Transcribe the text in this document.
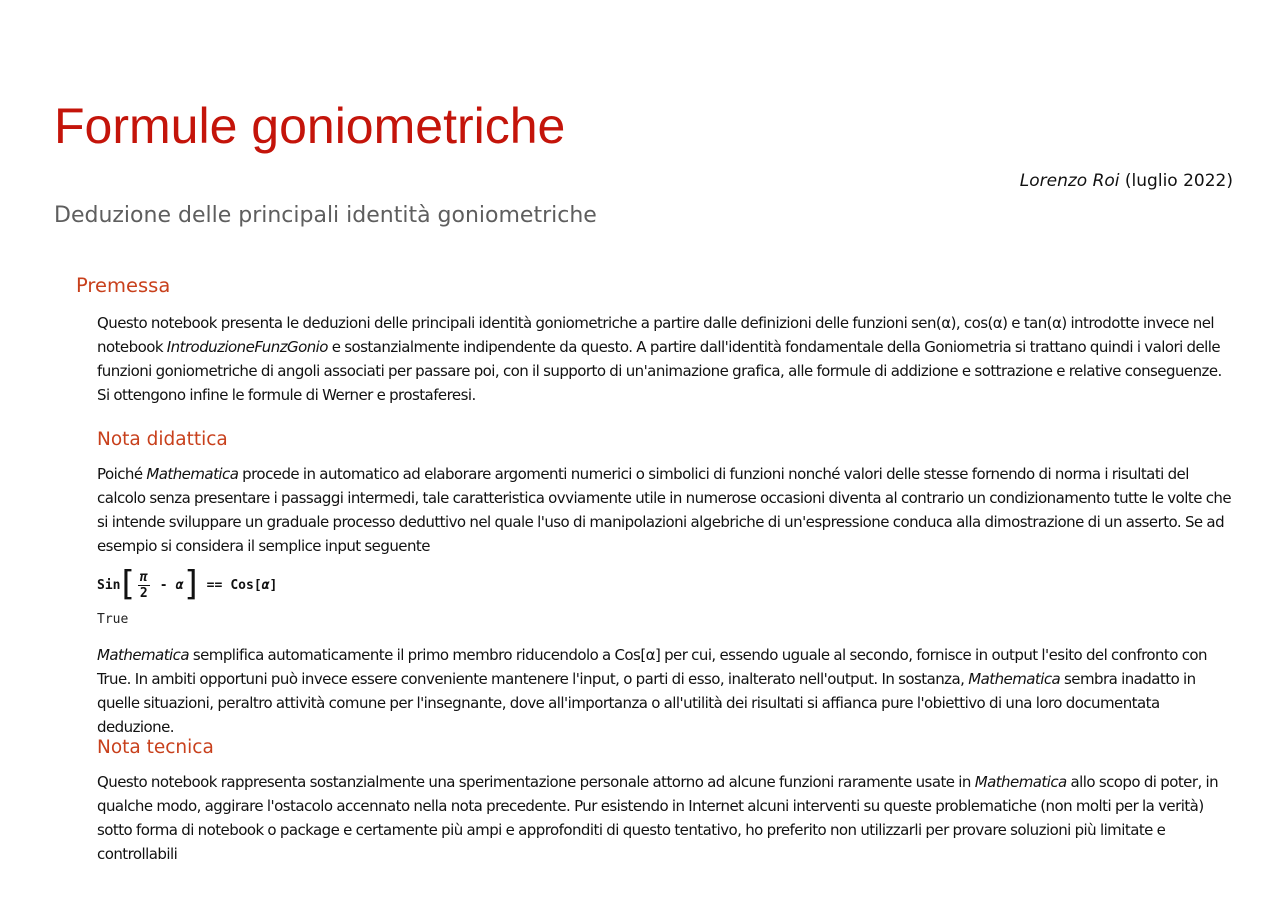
Formule goniometriche
Lorenzo Roi (luglio 2022)
Deduzione delle principali identità goniometriche
Premessa

Questo notebook presenta le deduzioni delle principali identità goniometriche a partire dalle definizioni delle funzioni sen(α), cos(α) e tan(α) introdotte invece nel notebook IntroduzioneFunzGonio e sostanzialmente indipendente da questo. A partire dall'identità fondamentale della Goniometria si trattano quindi i valori delle funzioni goniometriche di angoli associati per passare poi, con il supporto di un'animazione grafica, alle formule di addizione e sottrazione e relative conseguenze. Si ottengono infine le formule di Werner e prostaferesi.

Nota didattica

Poiché Mathematica procede in automatico ad elaborare argomenti numerici o simbolici di funzioni nonché valori delle stesse fornendo di norma i risultati del calcolo senza presentare i passaggi intermedi, tale caratteristica ovviamente utile in numerose occasioni diventa al contrario un condizionamento tutte le volte che si intende sviluppare un graduale processo deduttivo nel quale l'uso di manipolazioni algebriche di un'espressione conduca alla dimostrazione di un asserto. Se ad esempio si considera il semplice input seguente

Sin [ $\frac{\pi}{2}$ - α ] == Cos [ α ]
True

Mathematica semplifica automaticamente il primo membro riducendolo a Cos[α] per cui, essendo uguale al secondo, fornisce in output l'esito del confronto con True. In ambiti opportuni può invece essere conveniente mantenere l'input, o parti di esso, inalterato nell'output. In sostanza, Mathematica sembra inadatto in quelle situazioni, peraltro attività comune per l'insegnante, dove all'importanza o all'utilità dei risultati si affianca pure l'obiettivo di una loro documentata deduzione.

Nota tecnica

Questo notebook rappresenta sostanzialmente una sperimentazione personale attorno ad alcune funzioni raramente usate in Mathematica allo scopo di poter, in qualche modo, aggirare l'ostacolo accennato nella nota precedente. Pur esistendo in Internet alcuni interventi su queste problematiche (non molti per la verità) sotto forma di notebook o package e certamente più ampi e approfonditi di questo tentativo, ho preferito non utilizzarli per provare soluzioni più limitate e controllabili
